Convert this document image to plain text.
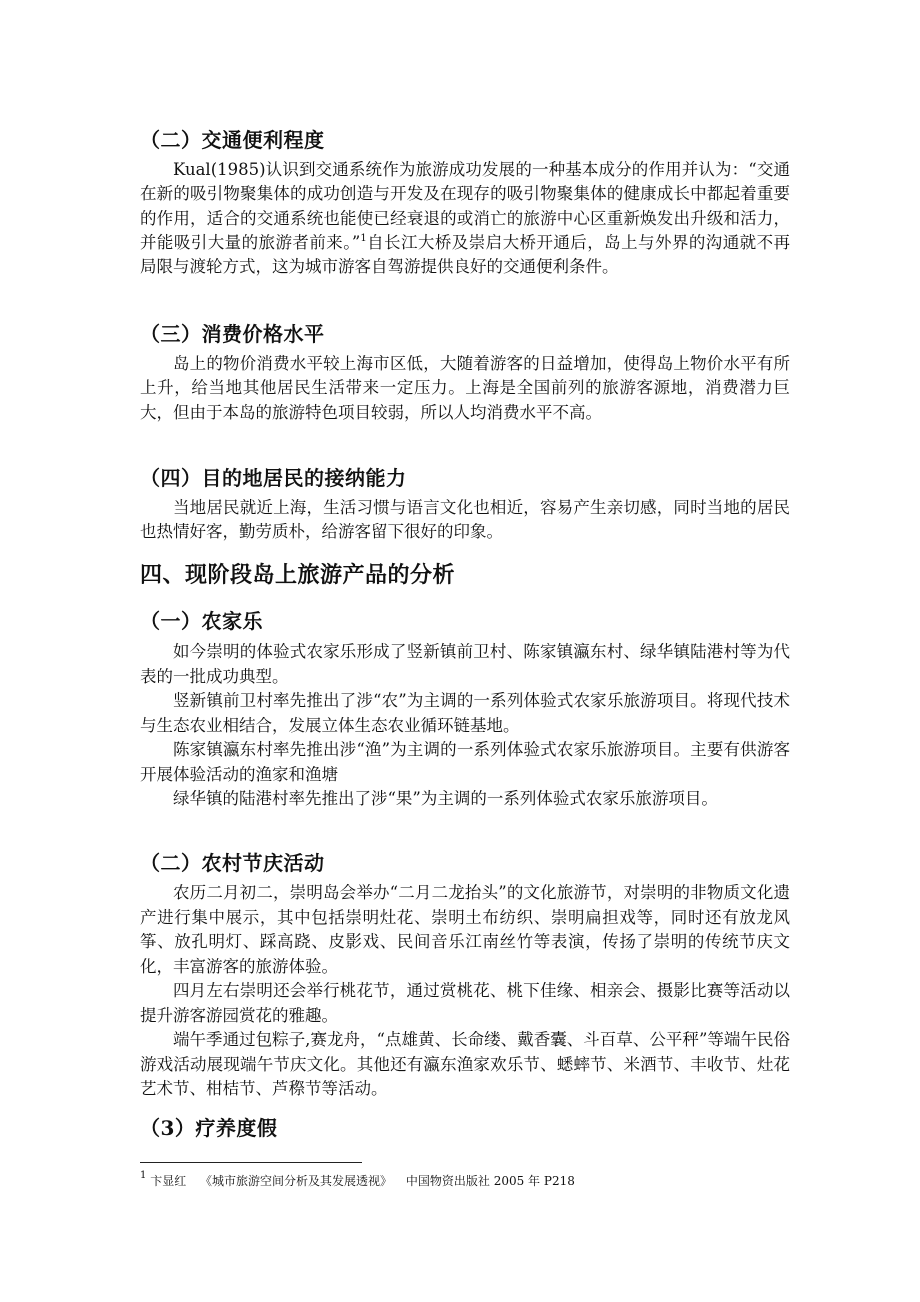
（二）交通便利程度
Kual(1985)认识到交通系统作为旅游成功发展的一种基本成分的作用并认为：“交通在新的吸引物聚集体的成功创造与开发及在现存的吸引物聚集体的健康成长中都起着重要的作用，适合的交通系统也能使已经衰退的或消亡的旅游中心区重新焕发出升级和活力，并能吸引大量的旅游者前来。”$^1$自长江大桥及崇启大桥开通后，岛上与外界的沟通就不再局限与渡轮方式，这为城市游客自驾游提供良好的交通便利条件。
（三）消费价格水平
岛上的物价消费水平较上海市区低，大随着游客的日益增加，使得岛上物价水平有所上升，给当地其他居民生活带来一定压力。上海是全国前列的旅游客源地，消费潜力巨大，但由于本岛的旅游特色项目较弱，所以人均消费水平不高。
（四）目的地居民的接纳能力
当地居民就近上海，生活习惯与语言文化也相近，容易产生亲切感，同时当地的居民也热情好客，勤劳质朴，给游客留下很好的印象。
四、现阶段岛上旅游产品的分析
（一）农家乐
如今崇明的体验式农家乐形成了竖新镇前卫村、陈家镇瀛东村、绿华镇陆港村等为代表的一批成功典型。
竖新镇前卫村率先推出了涉“农”为主调的一系列体验式农家乐旅游项目。将现代技术与生态农业相结合，发展立体生态农业循环链基地。
陈家镇瀛东村率先推出涉“渔”为主调的一系列体验式农家乐旅游项目。主要有供游客开展体验活动的渔家和渔塘
绿华镇的陆港村率先推出了涉“果”为主调的一系列体验式农家乐旅游项目。
（二）农村节庆活动
农历二月初二，崇明岛会举办“二月二龙抬头”的文化旅游节，对崇明的非物质文化遗产进行集中展示，其中包括崇明灶花、崇明土布纺织、崇明扁担戏等，同时还有放龙风筝、放孔明灯、踩高跷、皮影戏、民间音乐江南丝竹等表演，传扬了崇明的传统节庆文化，丰富游客的旅游体验。
四月左右崇明还会举行桃花节，通过赏桃花、桃下佳缘、相亲会、摄影比赛等活动以提升游客游园赏花的雅趣。
端午季通过包粽子,赛龙舟，“点雄黄、长命缕、戴香囊、斗百草、公平秤”等端午民俗游戏活动展现端午节庆文化。其他还有瀛东渔家欢乐节、蟋蟀节、米酒节、丰收节、灶花艺术节、柑桔节、芦穄节等活动。
（3）疗养度假
$^1$ 卞显红 《城市旅游空间分析及其发展透视》 中国物资出版社 2005 年 P218
